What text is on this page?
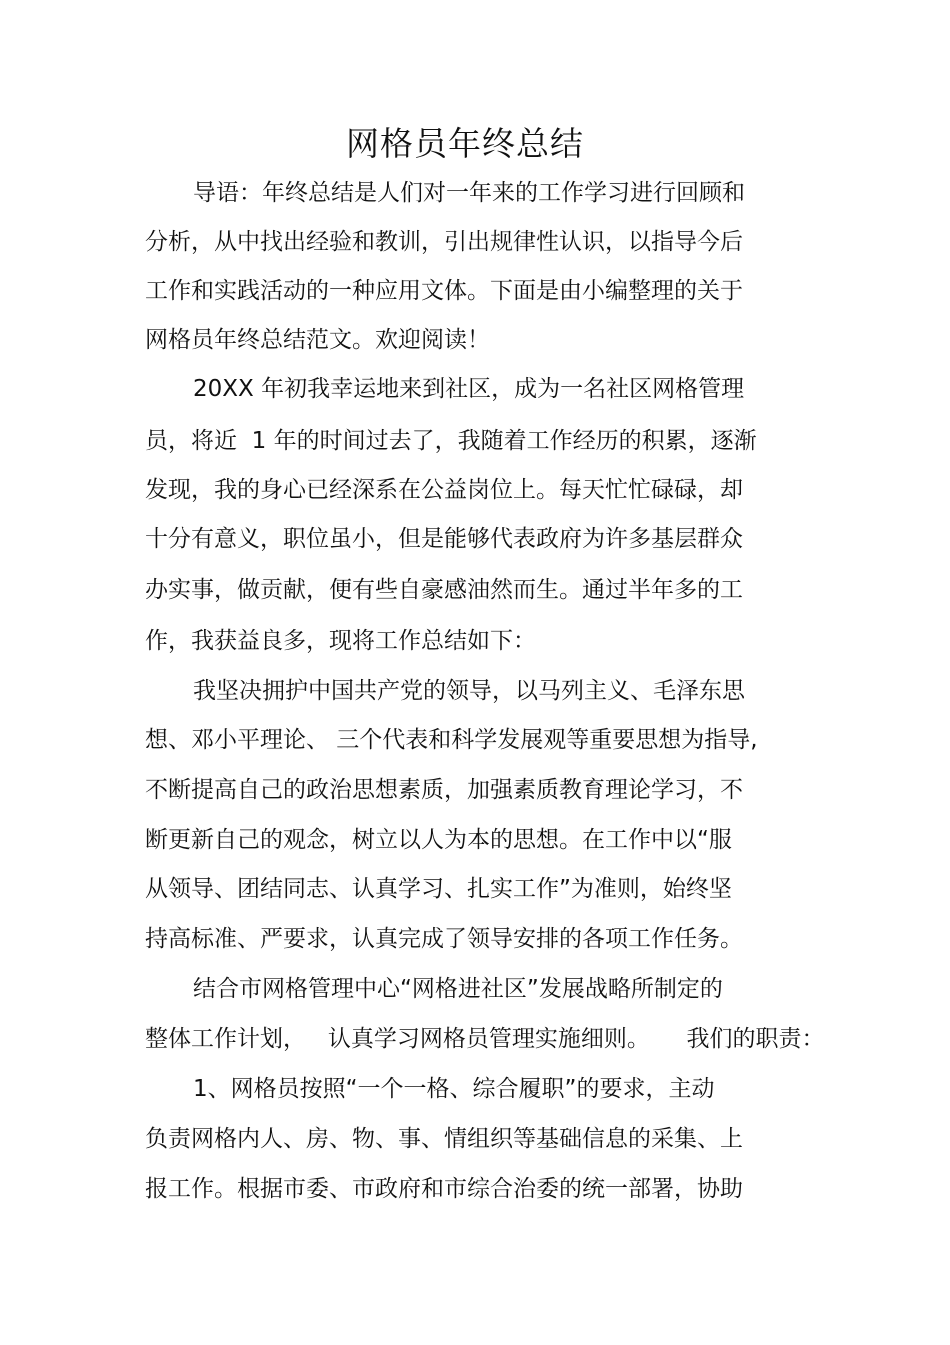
网格员年终总结

导语：年终总结是人们对一年来的工作学习进行回顾和

分析，从中找出经验和教训，引出规律性认识，以指导今后

工作和实践活动的一种应用文体。下面是由小编整理的关于

网格员年终总结范文。欢迎阅读！

20XX 年初我幸运地来到社区，成为一名社区网格管理

员，将近  1 年的时间过去了，我随着工作经历的积累，逐渐

发现，我的身心已经深系在公益岗位上。每天忙忙碌碌，却

十分有意义，职位虽小，但是能够代表政府为许多基层群众

办实事，做贡献，便有些自豪感油然而生。通过半年多的工

作，我获益良多，现将工作总结如下：

我坚决拥护中国共产党的领导，以马列主义、毛泽东思

想、邓小平理论、 三个代表和科学发展观等重要思想为指导,

不断提高自己的政治思想素质，加强素质教育理论学习，不

断更新自己的观念，树立以人为本的思想。在工作中以“服

从领导、团结同志、认真学习、扎实工作”为准则，始终坚

持高标准、严要求，认真完成了领导安排的各项工作任务。

结合市网格管理中心“网格进社区”发展战略所制定的

整体工作计划，   认真学习网格员管理实施细则。     我们的职责：

1、网格员按照“一个一格、综合履职”的要求，主动

负责网格内人、房、物、事、情组织等基础信息的采集、上

报工作。根据市委、市政府和市综合治委的统一部署，协助
